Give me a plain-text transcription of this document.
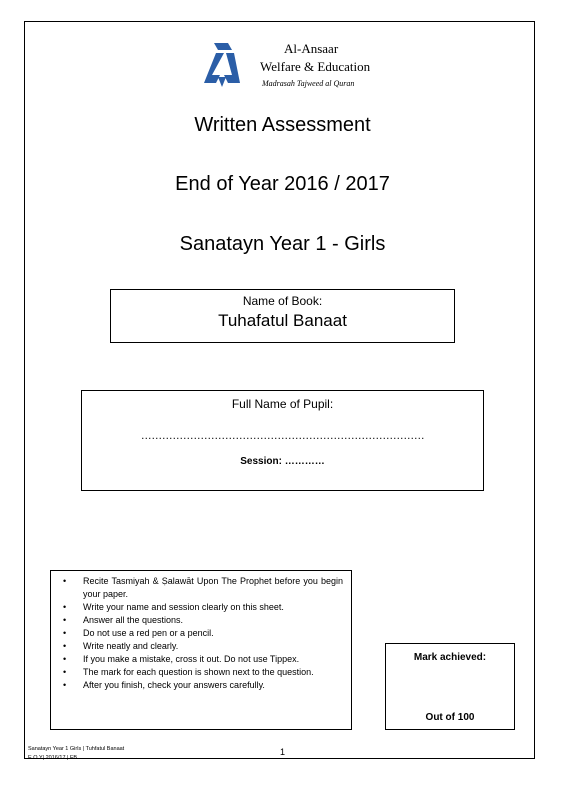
Al-Ansaar
Welfare & Education
Madrasah Tajweed al Quran
Written Assessment
End of Year 2016 / 2017
Sanatayn Year 1 - Girls
Name of Book:
Tuhafatul Banaat
Full Name of Pupil:
………………………………………………………………………
Session: …………
• Recite Tasmiyah & Ṣalawāt Upon The Prophet before you begin your paper.
• Write your name and session clearly on this sheet.
• Answer all the questions.
• Do not use a red pen or a pencil.
• Write neatly and clearly.
• If you make a mistake, cross it out. Do not use Tippex.
• The mark for each question is shown next to the question.
• After you finish, check your answers carefully.
Mark achieved:
Out of 100
Sanatayn Year 1 Girls | Tuhfatul Banaat
E.O.Y| 2016/17 | FB
1
